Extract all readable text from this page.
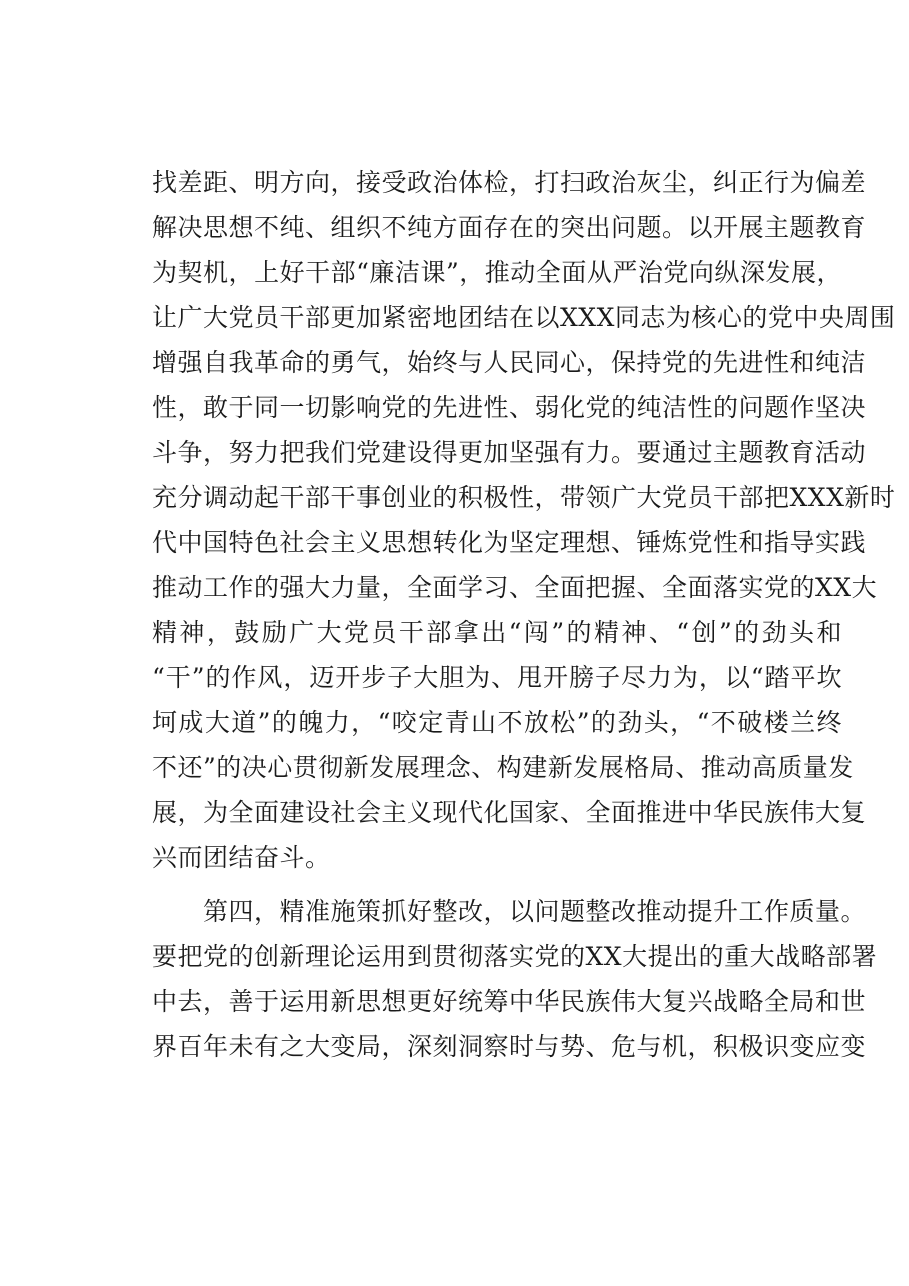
找差距、明方向，接受政治体检，打扫政治灰尘，纠正行为偏差
解决思想不纯、组织不纯方面存在的突出问题。以开展主题教育
为契机，上好干部“廉洁课”，推动全面从严治党向纵深发展，
让广大党员干部更加紧密地团结在以XXX同志为核心的党中央周围
增强自我革命的勇气，始终与人民同心，保持党的先进性和纯洁
性，敢于同一切影响党的先进性、弱化党的纯洁性的问题作坚决
斗争，努力把我们党建设得更加坚强有力。要通过主题教育活动
充分调动起干部干事创业的积极性，带领广大党员干部把XXX新时
代中国特色社会主义思想转化为坚定理想、锤炼党性和指导实践
推动工作的强大力量，全面学习、全面把握、全面落实党的XX大
精神，鼓励广大党员干部拿出“闯”的精神、“创”的劲头和
“干”的作风，迈开步子大胆为、甩开膀子尽力为，以“踏平坎
坷成大道”的魄力，“咬定青山不放松”的劲头，“不破楼兰终
不还”的决心贯彻新发展理念、构建新发展格局、推动高质量发
展，为全面建设社会主义现代化国家、全面推进中华民族伟大复
兴而团结奋斗。
　　第四，精准施策抓好整改，以问题整改推动提升工作质量。
要把党的创新理论运用到贯彻落实党的XX大提出的重大战略部署
中去，善于运用新思想更好统筹中华民族伟大复兴战略全局和世
界百年未有之大变局，深刻洞察时与势、危与机，积极识变应变
